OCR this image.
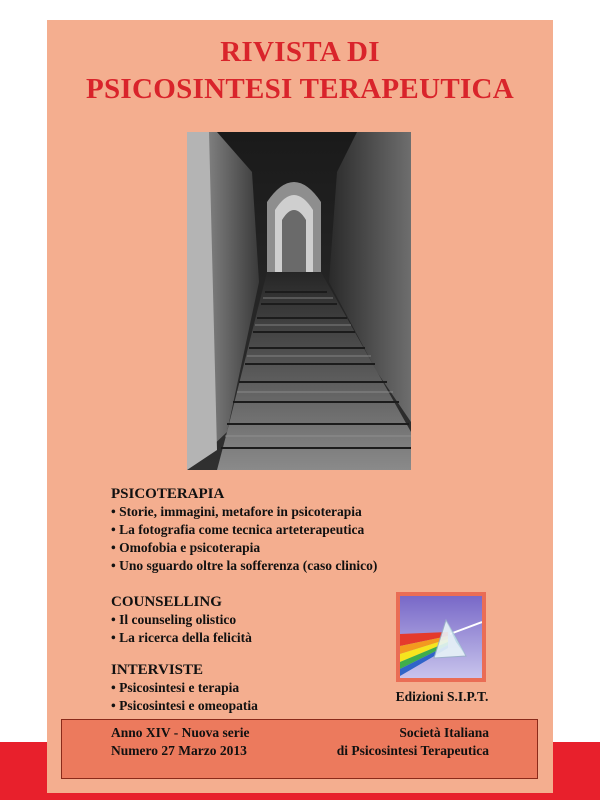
RIVISTA DI
PSICOSINTESI TERAPEUTICA
PSICOTERAPIA
• Storie, immagini, metafore in psicoterapia
• La fotografia come tecnica arteterapeutica
• Omofobia e psicoterapia
• Uno sguardo oltre la sofferenza (caso clinico)
COUNSELLING
• Il counseling olistico
• La ricerca della felicità
INTERVISTE
• Psicosintesi e terapia
• Psicosintesi e omeopatia
Edizioni S.I.P.T.
Anno XIV - Nuova serie
Numero 27 Marzo 2013
Società Italiana
di Psicosintesi Terapeutica
